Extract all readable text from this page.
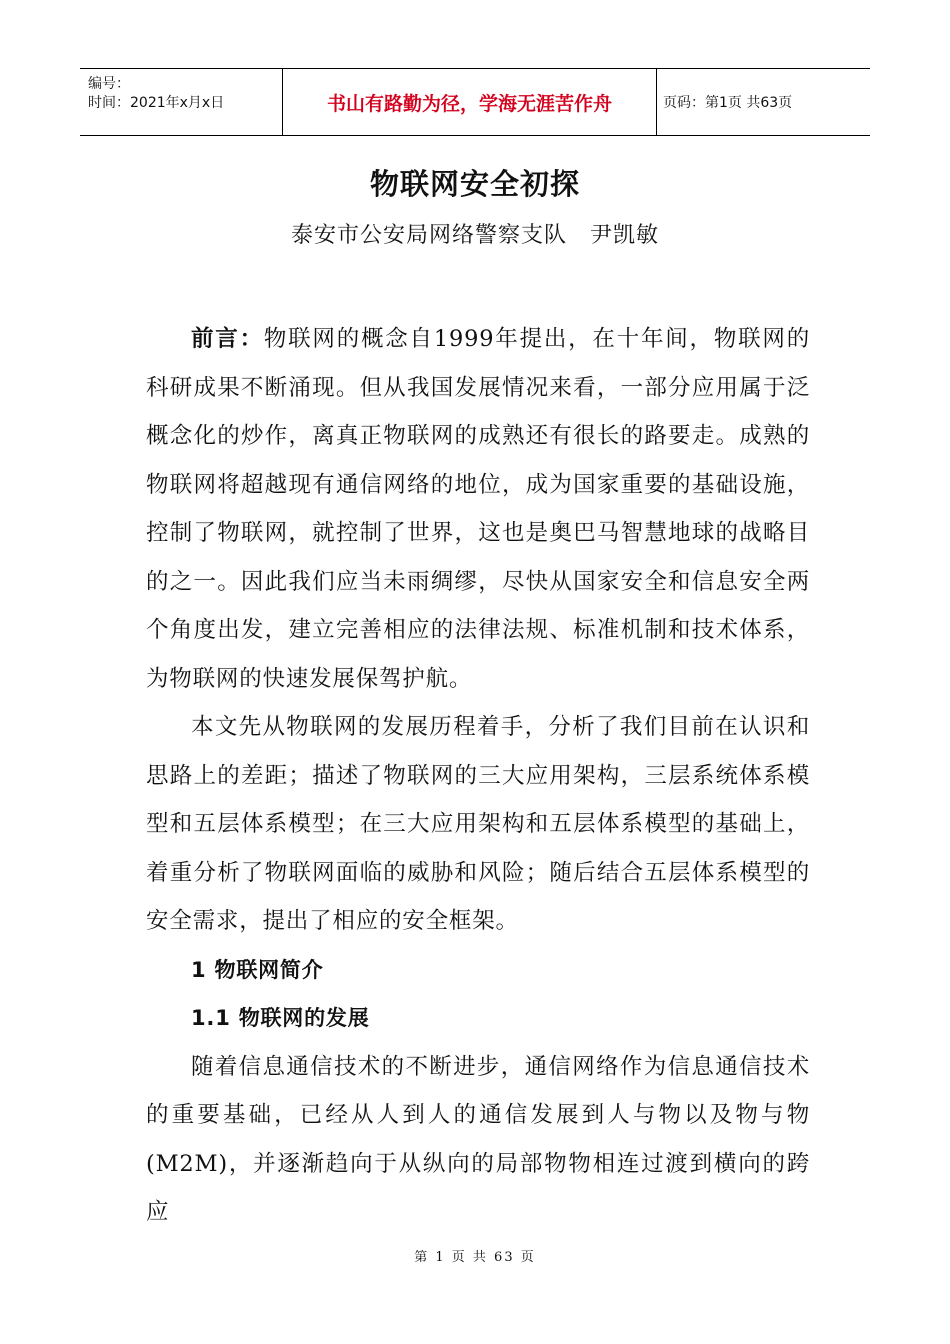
编号：
时间：2021年x月x日	书山有路勤为径，学海无涯苦作舟	页码：第1页 共63页
物联网安全初探
泰安市公安局网络警察支队　尹凯敏

前言：物联网的概念自1999年提出，在十年间，物联网的科研成果不断涌现。但从我国发展情况来看，一部分应用属于泛概念化的炒作，离真正物联网的成熟还有很长的路要走。成熟的物联网将超越现有通信网络的地位，成为国家重要的基础设施，控制了物联网，就控制了世界，这也是奥巴马智慧地球的战略目的之一。因此我们应当未雨绸缪，尽快从国家安全和信息安全两个角度出发，建立完善相应的法律法规、标准机制和技术体系，为物联网的快速发展保驾护航。

本文先从物联网的发展历程着手，分析了我们目前在认识和思路上的差距；描述了物联网的三大应用架构，三层系统体系模型和五层体系模型；在三大应用架构和五层体系模型的基础上，着重分析了物联网面临的威胁和风险；随后结合五层体系模型的安全需求，提出了相应的安全框架。

1 物联网简介
1.1 物联网的发展

随着信息通信技术的不断进步，通信网络作为信息通信技术的重要基础，已经从人到人的通信发展到人与物以及物与物(M2M)，并逐渐趋向于从纵向的局部物物相连过渡到横向的跨应

第 1 页 共 63 页
